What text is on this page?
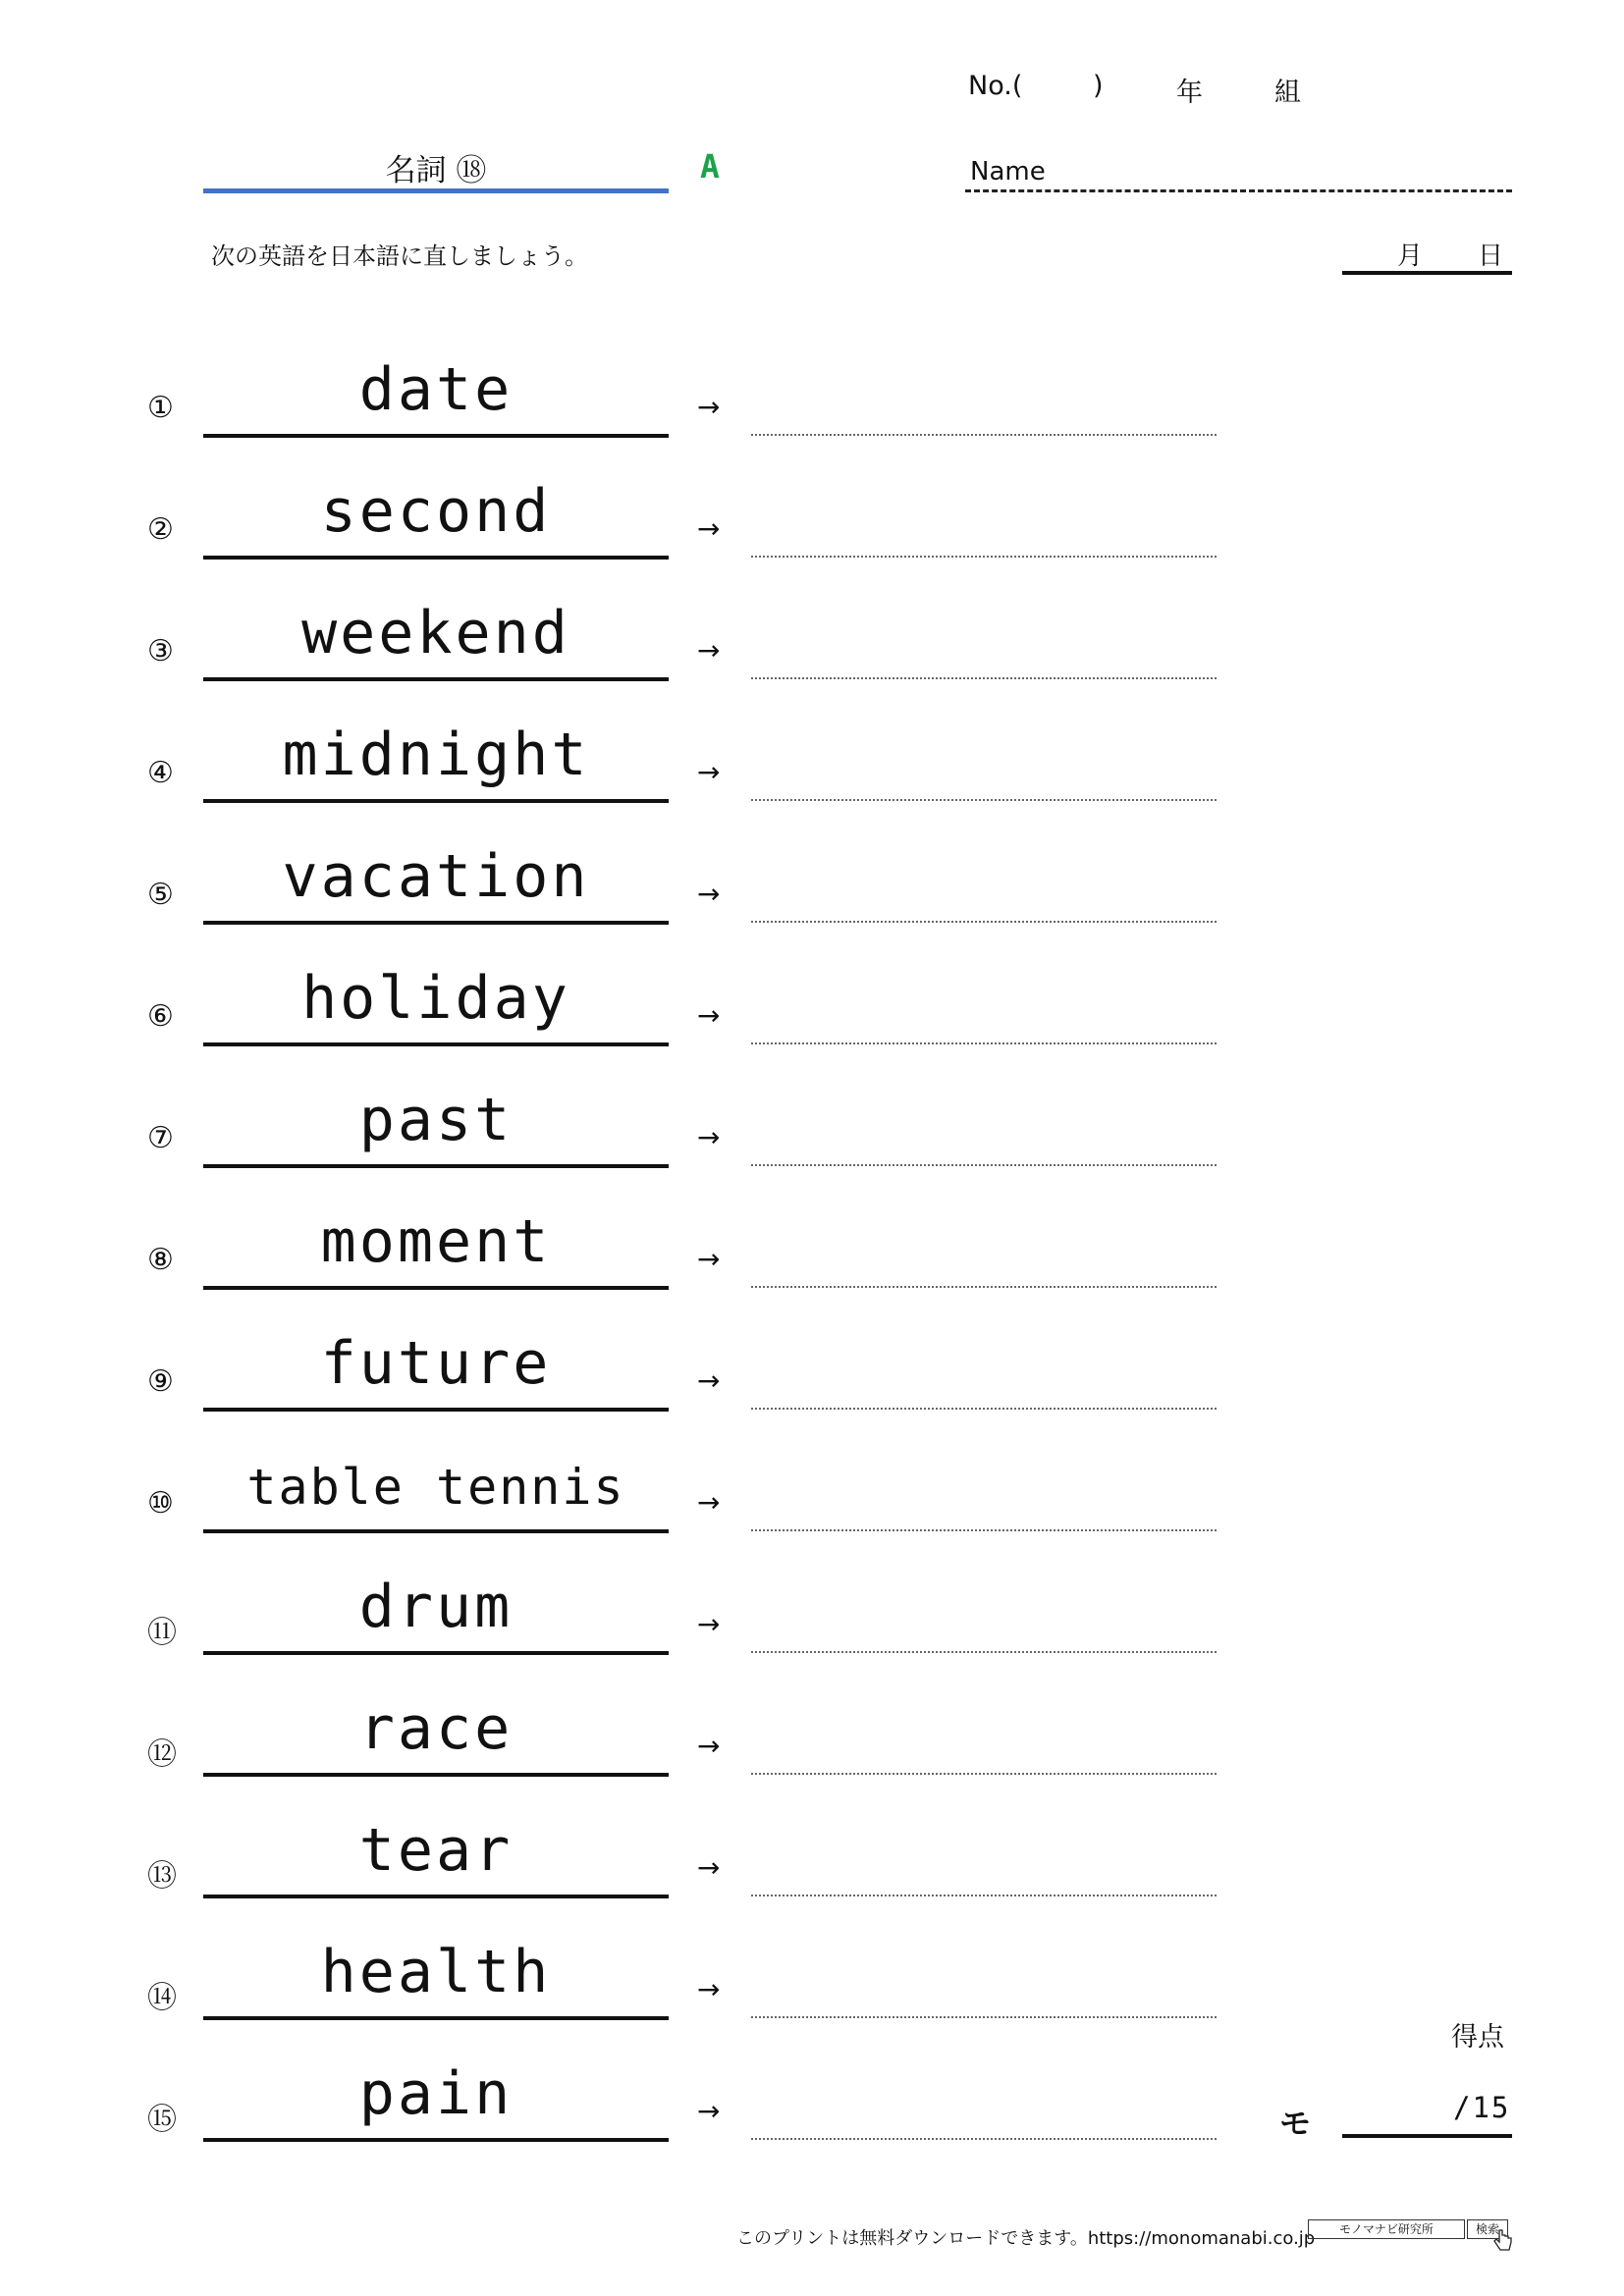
No.(	)	年	組
名詞 ⑱	A	Name
次の英語を日本語に直しましょう。	月 日
①	date	→
②	second	→
③	weekend	→
④	midnight	→
⑤	vacation	→
⑥	holiday	→
⑦	past	→
⑧	moment	→
⑨	future	→
⑩	table tennis	→
⑪	drum	→
⑫	race	→
⑬	tear	→
⑭	health	→
⑮	pain	→
得点
モ	/15
このプリントは無料ダウンロードできます。https://monomanabi.co.jp	モノマナビ研究所	検索
